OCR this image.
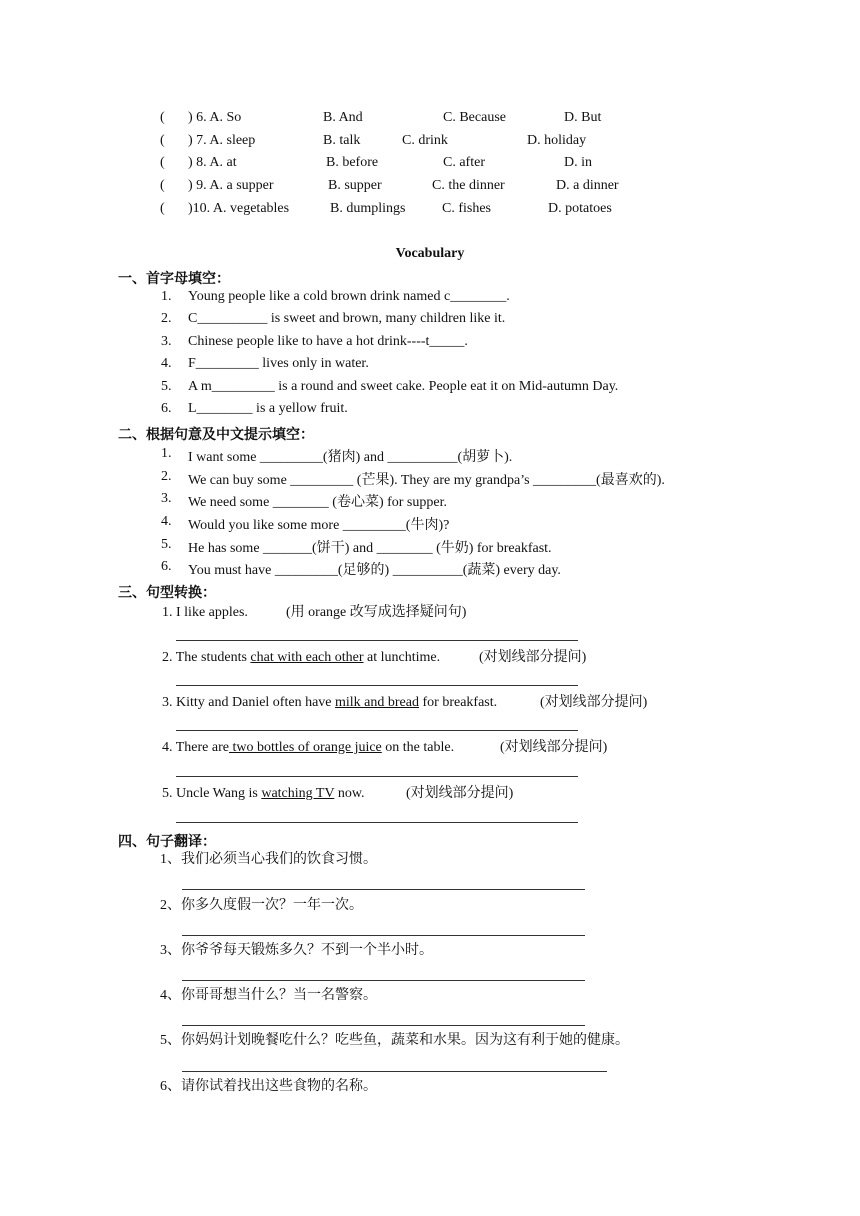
( ) 6. A. So	B. And	C. Because	D. But
( ) 7. A. sleep	B. talk	C. drink	D. holiday
( ) 8. A. at	B. before	C. after	D. in
( ) 9. A. a supper	B. supper	C. the dinner	D. a dinner
( )10. A. vegetables	B. dumplings	C. fishes	D. potatoes
Vocabulary
一、首字母填空：
1. Young people like a cold brown drink named c________.
2. C__________ is sweet and brown, many children like it.
3. Chinese people like to have a hot drink----t_____.
4. F_________ lives only in water.
5. A m_________ is a round and sweet cake. People eat it on Mid-autumn Day.
6. L________ is a yellow fruit.
二、根据句意及中文提示填空：
1. I want some _________(猪肉) and __________(胡萝卜).
2. We can buy some _________ (芒果). They are my grandpa’s _________(最喜欢的).
3. We need some ________ (卷心菜) for supper.
4. Would you like some more _________(牛肉)?
5. He has some _______(饼干) and ________ (牛奶) for breakfast.
6. You must have _________(足够的) __________(蔬菜) every day.
三、句型转换：
1. I like apples.	(用 orange 改写成选择疑问句)
2. The students chat with each other at lunchtime.	(对划线部分提问)
3. Kitty and Daniel often have milk and bread for breakfast.	(对划线部分提问)
4. There are two bottles of orange juice on the table.	(对划线部分提问)
5. Uncle Wang is watching TV now.	(对划线部分提问)
四、句子翻译：
1、我们必须当心我们的饮食习惯。
2、你多久度假一次？一年一次。
3、你爷爷每天锻炼多久？不到一个半小时。
4、你哥哥想当什么？当一名警察。
5、你妈妈计划晚餐吃什么？吃些鱼，蔬菜和水果。因为这有利于她的健康。
6、请你试着找出这些食物的名称。
